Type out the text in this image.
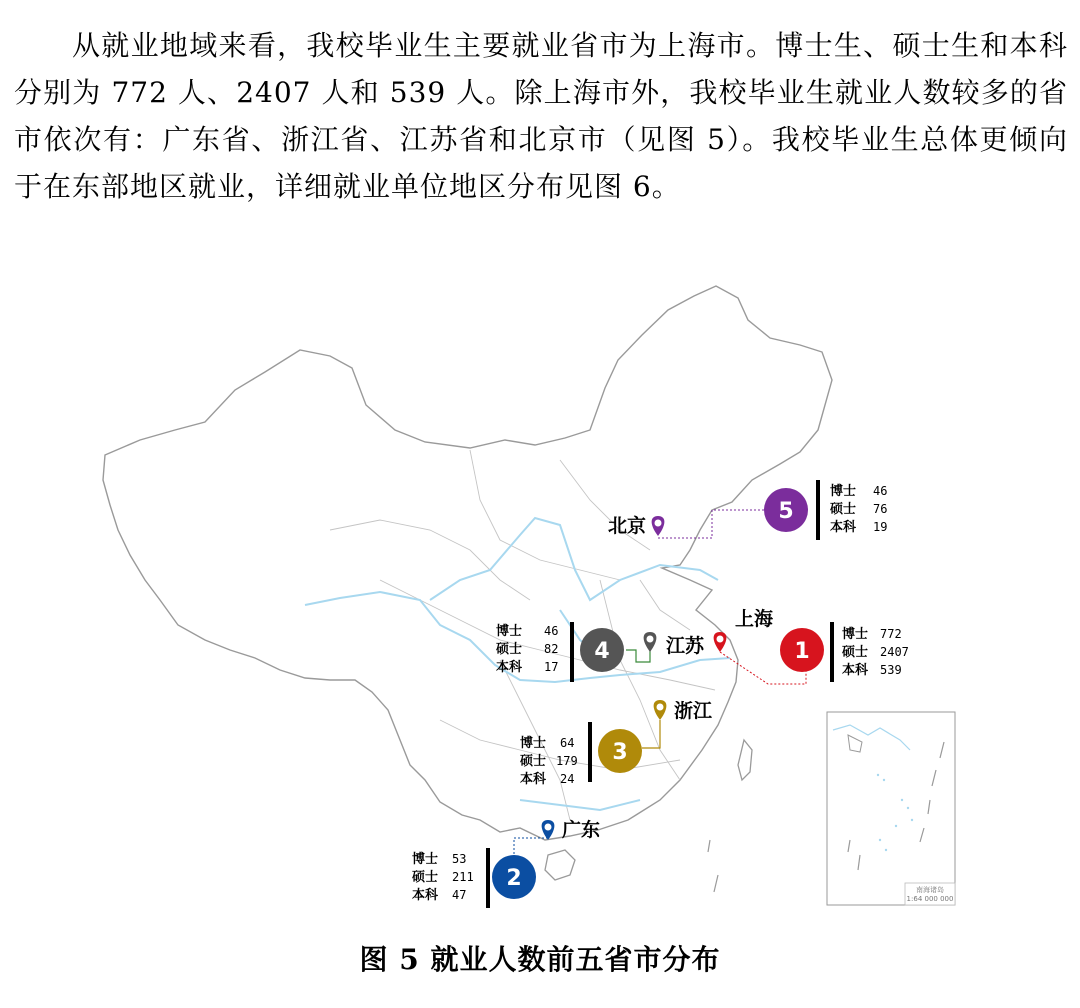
从就业地域来看，我校毕业生主要就业省市为上海市。博士生、硕士生和本科分别为 772 人、2407 人和 539 人。除上海市外，我校毕业生就业人数较多的省市依次有：广东省、浙江省、江苏省和北京市（见图 5）。我校毕业生总体更倾向于在东部地区就业，详细就业单位地区分布见图 6。

上海
1
博士
硕士
本科
772
2407
539
广东
2
博士
硕士
本科
53
211
47
浙江
3
博士
硕士
本科
64
179
24
江苏
4
博士
硕士
本科
46
82
17
北京
5
博士
硕士
本科
46
76
19
南海诸岛
1:64 000 000
图 5 就业人数前五省市分布
